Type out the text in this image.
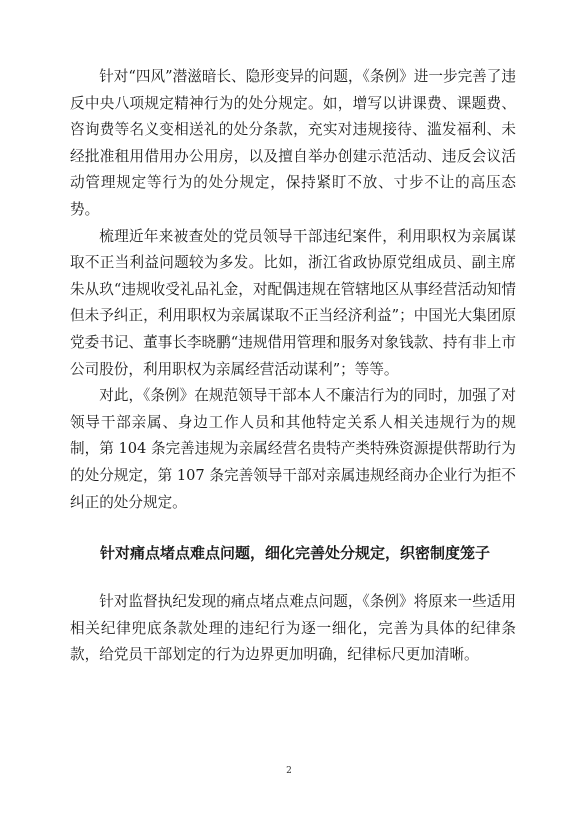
针对“四风”潜滋暗长、隐形变异的问题，《条例》进一步完善了违反中央八项规定精神行为的处分规定。如，增写以讲课费、课题费、咨询费等名义变相送礼的处分条款，充实对违规接待、滥发福利、未经批准租用借用办公用房，以及擅自举办创建示范活动、违反会议活动管理规定等行为的处分规定，保持紧盯不放、寸步不让的高压态势。

梳理近年来被查处的党员领导干部违纪案件，利用职权为亲属谋取不正当利益问题较为多发。比如，浙江省政协原党组成员、副主席朱从玖“违规收受礼品礼金，对配偶违规在管辖地区从事经营活动知情但未予纠正，利用职权为亲属谋取不正当经济利益”；中国光大集团原党委书记、董事长李晓鹏“违规借用管理和服务对象钱款、持有非上市公司股份，利用职权为亲属经营活动谋利”；等等。

对此，《条例》在规范领导干部本人不廉洁行为的同时，加强了对领导干部亲属、身边工作人员和其他特定关系人相关违规行为的规制，第 104 条完善违规为亲属经营名贵特产类特殊资源提供帮助行为的处分规定，第 107 条完善领导干部对亲属违规经商办企业行为拒不纠正的处分规定。

针对痛点堵点难点问题，细化完善处分规定，织密制度笼子

针对监督执纪发现的痛点堵点难点问题，《条例》将原来一些适用相关纪律兜底条款处理的违纪行为逐一细化，完善为具体的纪律条款，给党员干部划定的行为边界更加明确，纪律标尺更加清晰。

2
